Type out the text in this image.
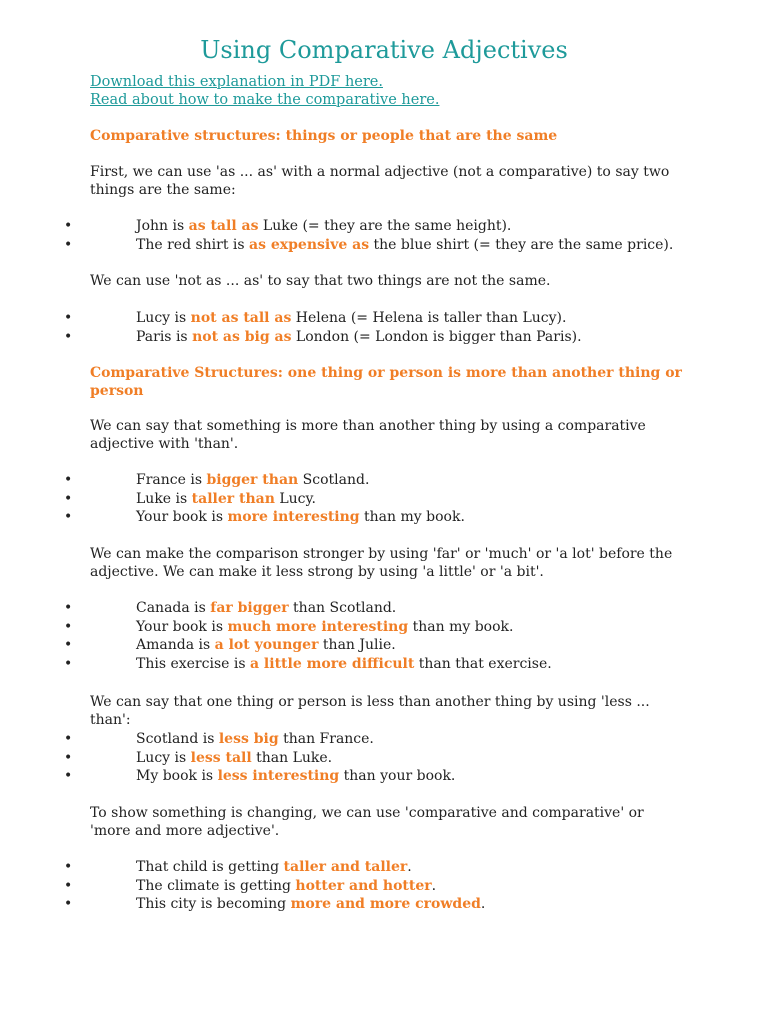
Using Comparative Adjectives
Download this explanation in PDF here.
Read about how to make the comparative here.
Comparative structures: things or people that are the same

First, we can use 'as ... as' with a normal adjective (not a comparative) to say two things are the same:

•	John is as tall as Luke (= they are the same height).
•	The red shirt is as expensive as the blue shirt (= they are the same price).

We can use 'not as ... as' to say that two things are not the same.

•	Lucy is not as tall as Helena (= Helena is taller than Lucy).
•	Paris is not as big as London (= London is bigger than Paris).
Comparative Structures: one thing or person is more than another thing or person

We can say that something is more than another thing by using a comparative adjective with 'than'.

•	France is bigger than Scotland.
•	Luke is taller than Lucy.
•	Your book is more interesting than my book.

We can make the comparison stronger by using 'far' or 'much' or 'a lot' before the adjective. We can make it less strong by using 'a little' or 'a bit'.

•	Canada is far bigger than Scotland.
•	Your book is much more interesting than my book.
•	Amanda is a lot younger than Julie.
•	This exercise is a little more difficult than that exercise.

We can say that one thing or person is less than another thing by using 'less ... than':

•	Scotland is less big than France.
•	Lucy is less tall than Luke.
•	My book is less interesting than your book.

To show something is changing, we can use 'comparative and comparative' or 'more and more adjective'.

•	That child is getting taller and taller.
•	The climate is getting hotter and hotter.
•	This city is becoming more and more crowded.
